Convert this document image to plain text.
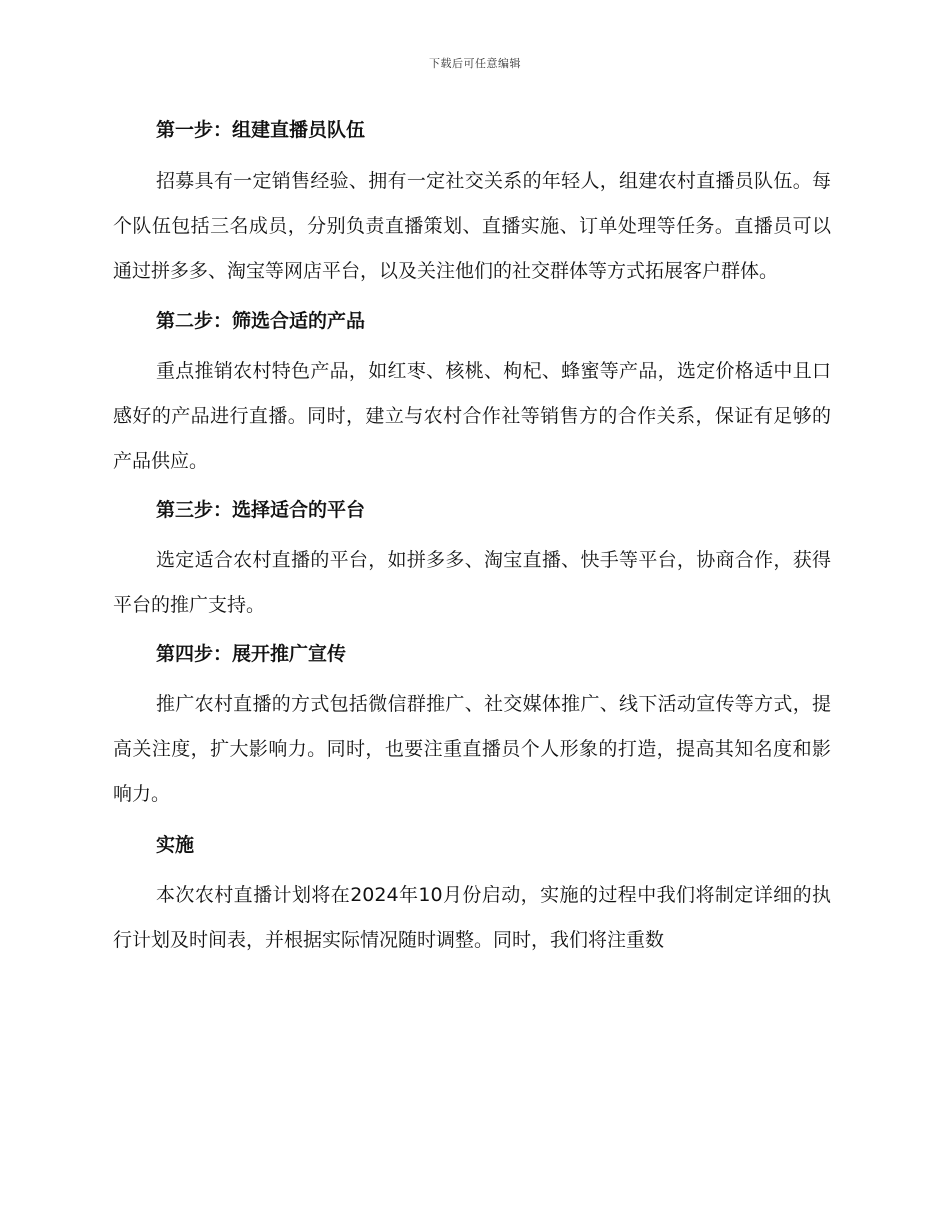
下载后可任意编辑
第一步：组建直播员队伍

招募具有一定销售经验、拥有一定社交关系的年轻人，组建农村直播员队伍。每个队伍包括三名成员，分别负责直播策划、直播实施、订单处理等任务。直播员可以通过拼多多、淘宝等网店平台，以及关注他们的社交群体等方式拓展客户群体。

第二步：筛选合适的产品

重点推销农村特色产品，如红枣、核桃、枸杞、蜂蜜等产品，选定价格适中且口感好的产品进行直播。同时，建立与农村合作社等销售方的合作关系，保证有足够的产品供应。

第三步：选择适合的平台

选定适合农村直播的平台，如拼多多、淘宝直播、快手等平台，协商合作，获得平台的推广支持。

第四步：展开推广宣传

推广农村直播的方式包括微信群推广、社交媒体推广、线下活动宣传等方式，提高关注度，扩大影响力。同时，也要注重直播员个人形象的打造，提高其知名度和影响力。

实施

本次农村直播计划将在2024年10月份启动，实施的过程中我们将制定详细的执行计划及时间表，并根据实际情况随时调整。同时，我们将注重数
